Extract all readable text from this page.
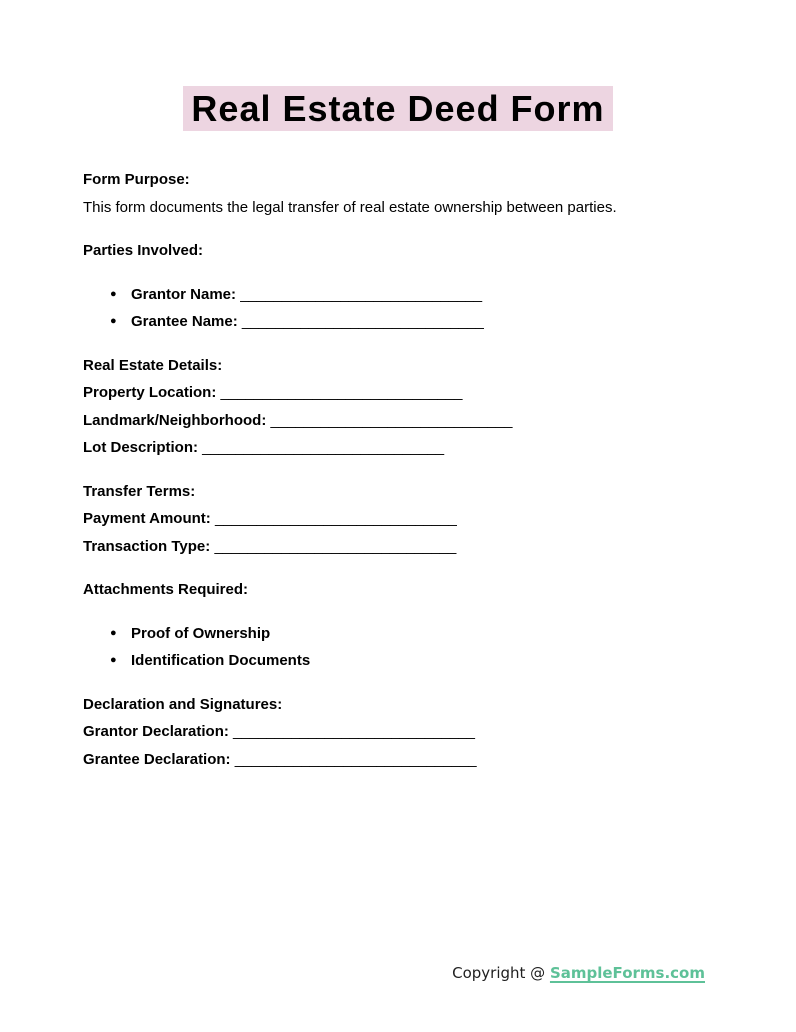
Real Estate Deed Form

Form Purpose:
This form documents the legal transfer of real estate ownership between parties.

Parties Involved:

● Grantor Name: _____________________________
● Grantee Name: _____________________________

Real Estate Details:
Property Location: _____________________________
Landmark/Neighborhood: _____________________________
Lot Description: _____________________________

Transfer Terms:
Payment Amount: _____________________________
Transaction Type: _____________________________

Attachments Required:

● Proof of Ownership
● Identification Documents

Declaration and Signatures:
Grantor Declaration: _____________________________
Grantee Declaration: _____________________________

Copyright @ SampleForms.com
